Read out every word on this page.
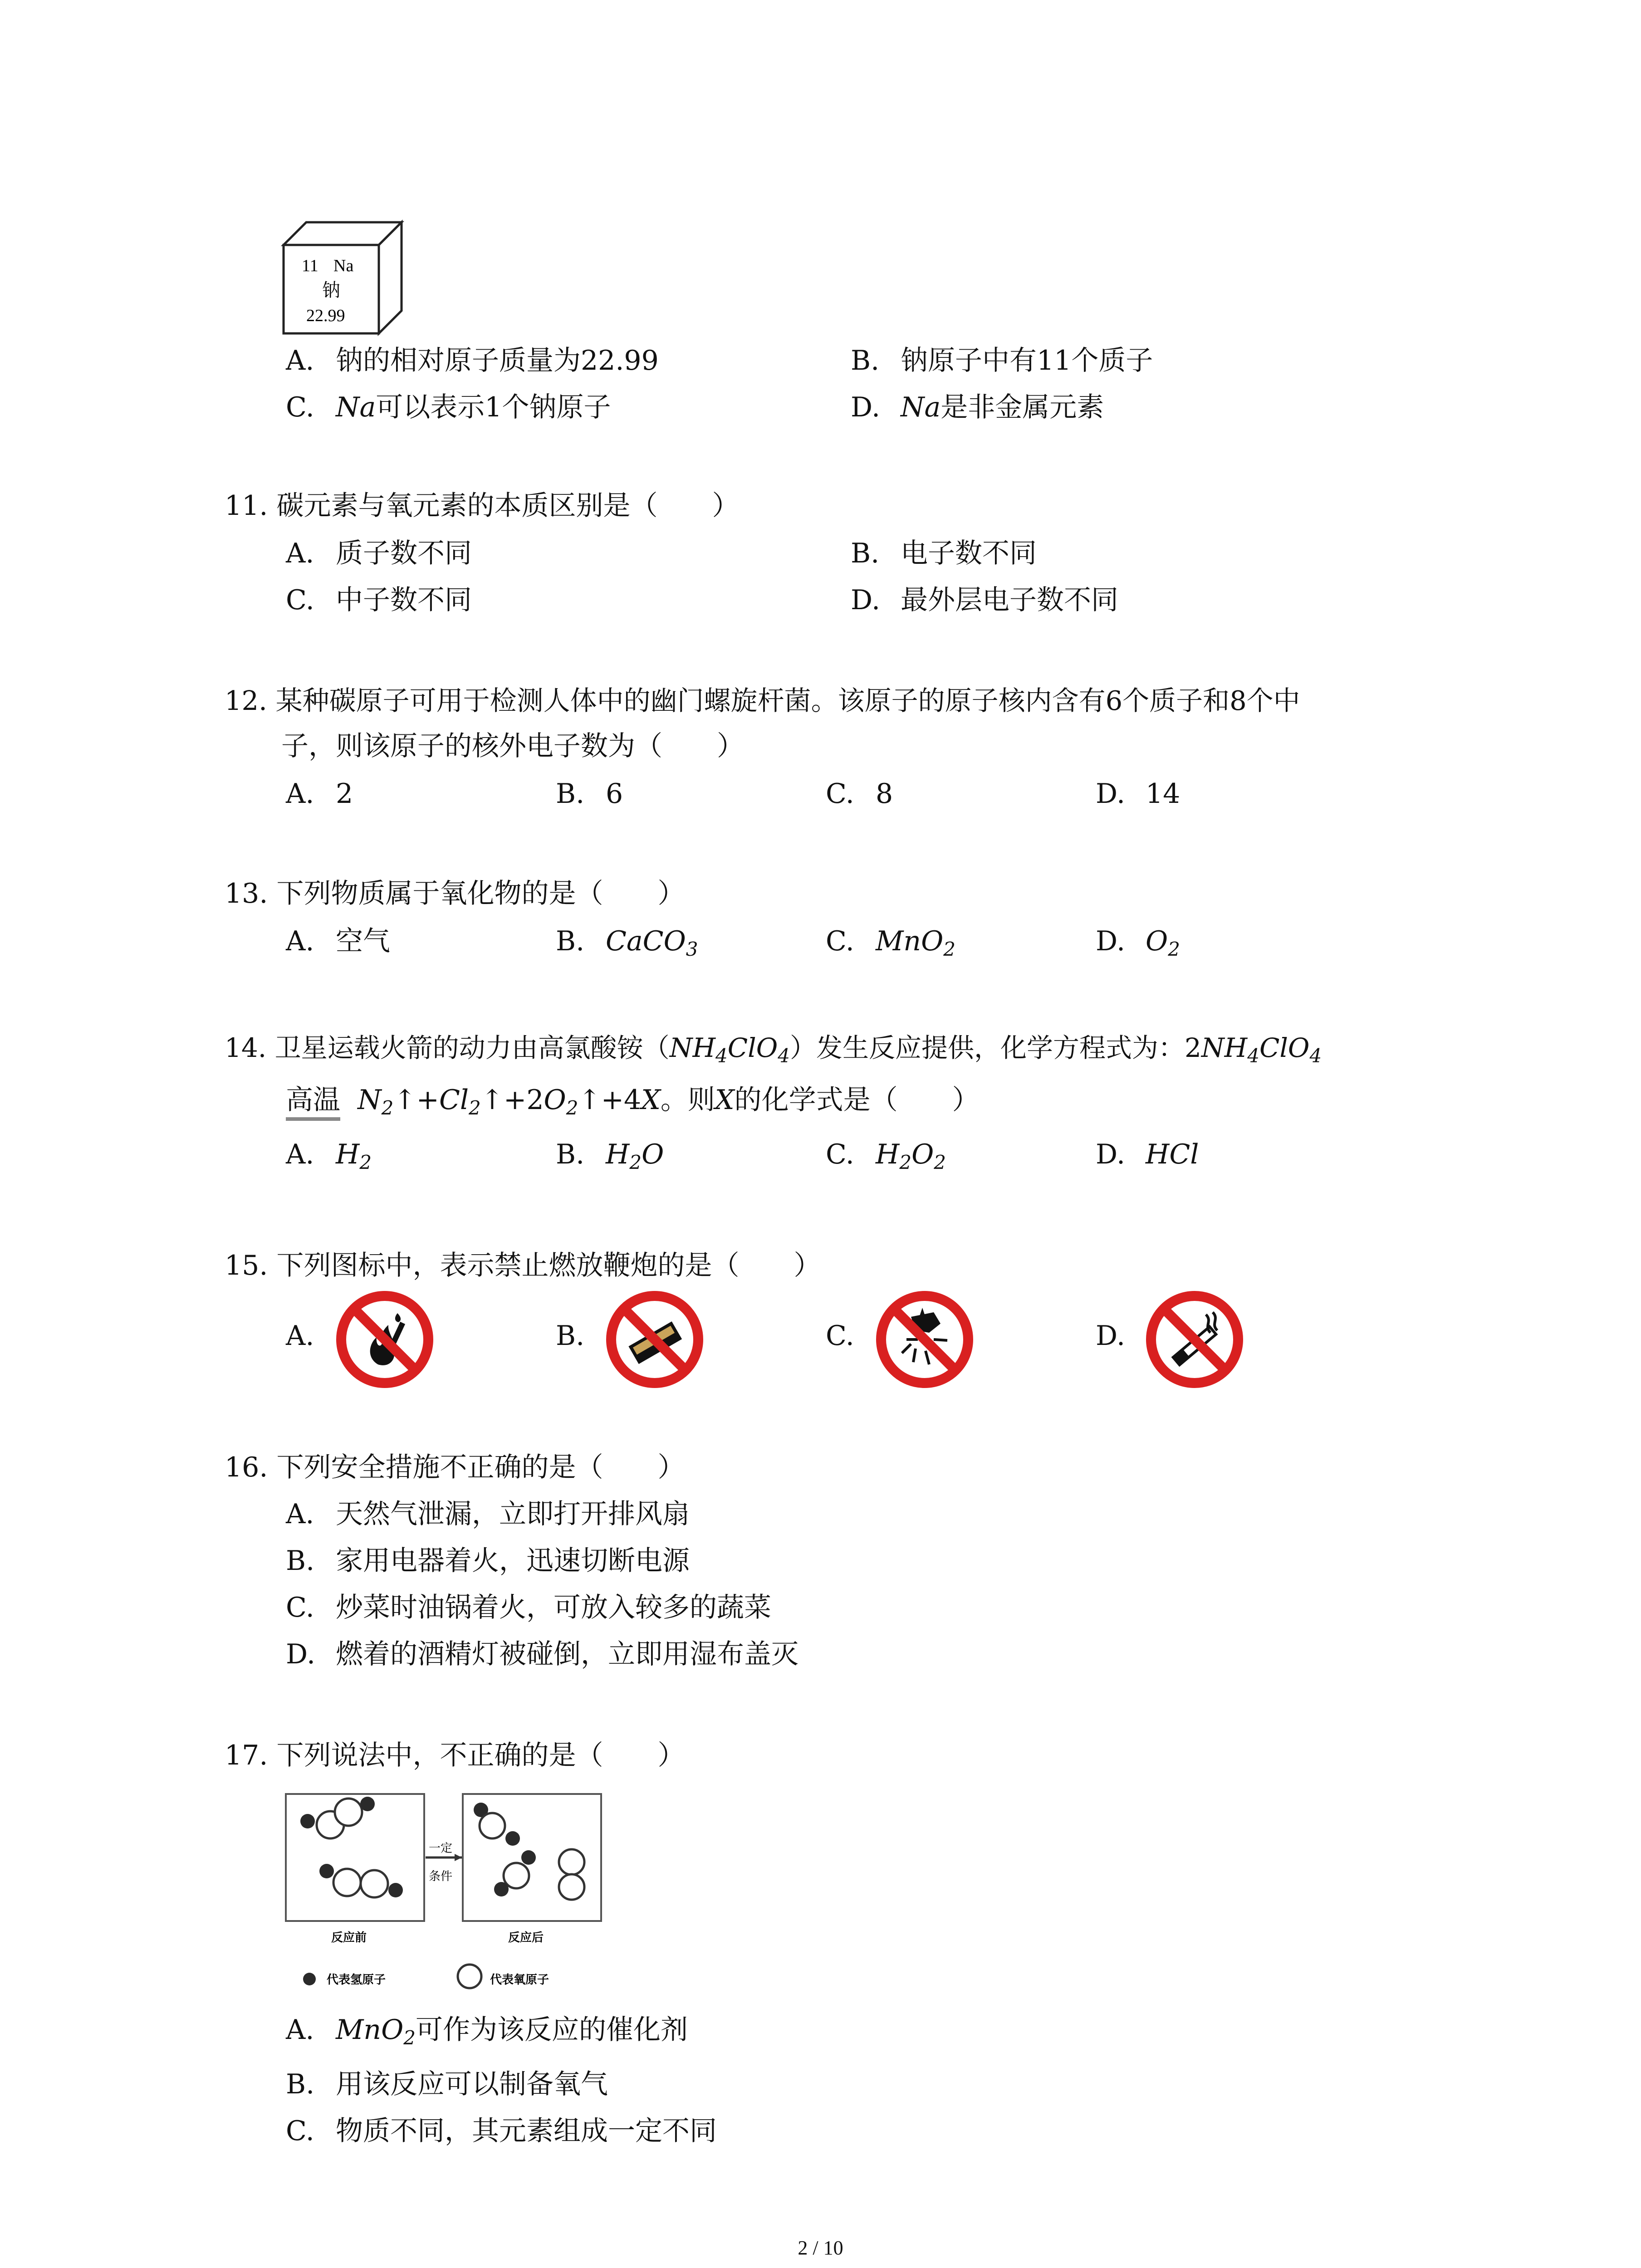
11 Na
钠
22.99
A. 钠的相对原子质量为22.99	B. 钠原子中有11个质子
C. Na可以表示1个钠原子	D. Na是非金属元素
11. 碳元素与氧元素的本质区别是（　　）
A. 质子数不同	B. 电子数不同
C. 中子数不同	D. 最外层电子数不同
12. 某种碳原子可用于检测人体中的幽门螺旋杆菌。该原子的原子核内含有6个质子和8个中
子，则该原子的核外电子数为（　　）
A. 2	B. 6	C. 8	D. 14
13. 下列物质属于氧化物的是（　　）
A. 空气	B. CaCO$_3$	C. MnO$_2$	D. $O_2$
14. 卫星运载火箭的动力由高氯酸铵$(NH_4ClO_4)$发生反应提供，化学方程式为：$2NH_4ClO_4$
高温  $N_2↑+Cl_2↑+2O_2↑+4X$。则X的化学式是（　　）
A. $H_2$	B. $H_2O$	C. $H_2O_2$	D. HCl
15. 下列图标中，表示禁止燃放鞭炮的是（　　）
A.	B.	C.	D.
16. 下列安全措施不正确的是（　　）
A. 天然气泄漏，立即打开排风扇
B. 家用电器着火，迅速切断电源
C. 炒菜时油锅着火，可放入较多的蔬菜
D. 燃着的酒精灯被碰倒，立即用湿布盖灭
17. 下列说法中，不正确的是（　　）
一定
条件
反应前	反应后
代表氢原子	代表氧原子
A. MnO$_2$可作为该反应的催化剂
B. 用该反应可以制备氧气
C. 物质不同，其元素组成一定不同
2 / 10
